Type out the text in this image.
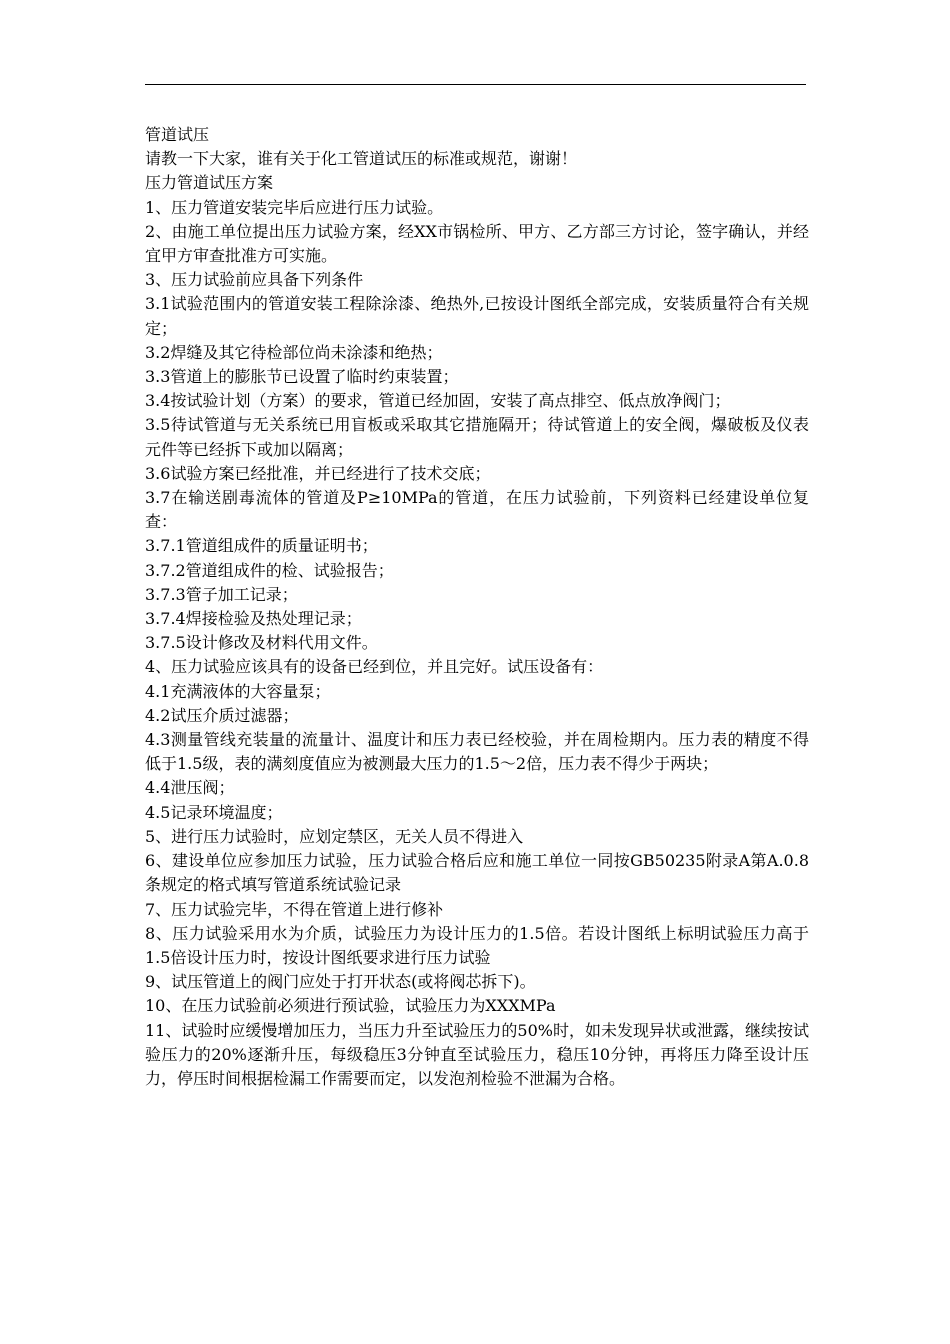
管道试压

请教一下大家，谁有关于化工管道试压的标准或规范，谢谢！

压力管道试压方案

1、压力管道安装完毕后应进行压力试验。

2、由施工单位提出压力试验方案，经XX市锅检所、甲方、乙方部三方讨论，签字确认，并经宜甲方审查批准方可实施。

3、压力试验前应具备下列条件

3.1试验范围内的管道安装工程除涂漆、绝热外,已按设计图纸全部完成，安装质量符合有关规定；

3.2焊缝及其它待检部位尚未涂漆和绝热；

3.3管道上的膨胀节已设置了临时约束装置；

3.4按试验计划（方案）的要求，管道已经加固，安装了高点排空、低点放净阀门；

3.5待试管道与无关系统已用盲板或采取其它措施隔开；待试管道上的安全阀，爆破板及仪表元件等已经拆下或加以隔离；

3.6试验方案已经批准，并已经进行了技术交底；

3.7在输送剧毒流体的管道及P≥10MPa的管道，在压力试验前，下列资料已经建设单位复查：

3.7.1管道组成件的质量证明书；

3.7.2管道组成件的检、试验报告；

3.7.3管子加工记录；

3.7.4焊接检验及热处理记录；

3.7.5设计修改及材料代用文件。

4、压力试验应该具有的设备已经到位，并且完好。试压设备有：

4.1充满液体的大容量泵；

4.2试压介质过滤器；

4.3测量管线充装量的流量计、温度计和压力表已经校验，并在周检期内。压力表的精度不得低于1.5级，表的满刻度值应为被测最大压力的1.5～2倍，压力表不得少于两块；

4.4泄压阀；

4.5记录环境温度；

5、进行压力试验时，应划定禁区，无关人员不得进入

6、建设单位应参加压力试验，压力试验合格后应和施工单位一同按GB50235附录A第A.0.8条规定的格式填写管道系统试验记录

7、压力试验完毕，不得在管道上进行修补

8、压力试验采用水为介质，试验压力为设计压力的1.5倍。若设计图纸上标明试验压力高于1.5倍设计压力时，按设计图纸要求进行压力试验

9、试压管道上的阀门应处于打开状态(或将阀芯拆下)。

10、在压力试验前必须进行预试验，试验压力为XXXMPa

11、试验时应缓慢增加压力，当压力升至试验压力的50%时，如未发现异状或泄露，继续按试验压力的20%逐渐升压，每级稳压3分钟直至试验压力，稳压10分钟，再将压力降至设计压力，停压时间根据检漏工作需要而定，以发泡剂检验不泄漏为合格。
